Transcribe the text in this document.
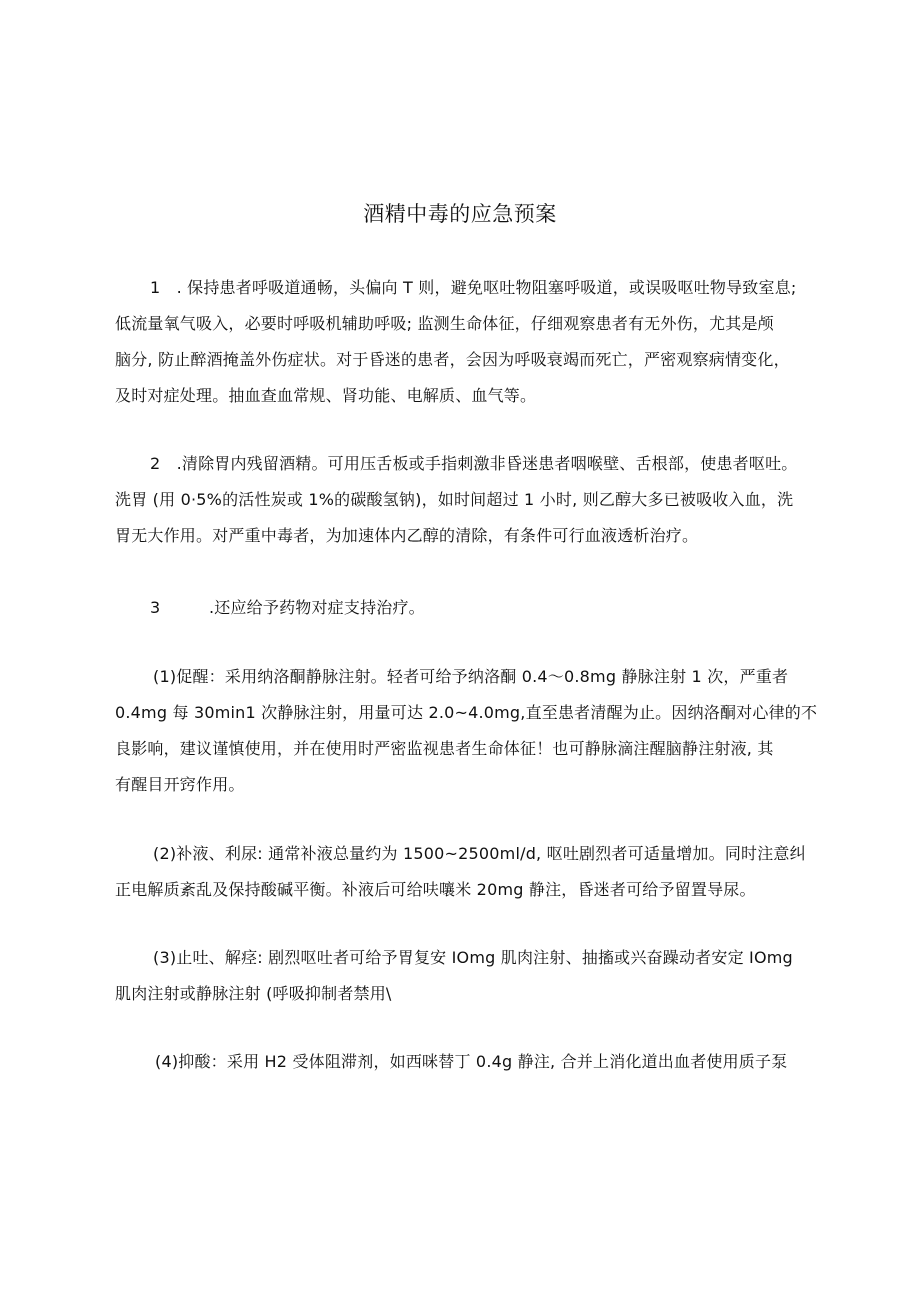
酒精中毒的应急预案
1　. 保持患者呼吸道通畅，头偏向 T 则，避免呕吐物阻塞呼吸道，或误吸呕吐物导致室息;
低流量氧气吸入，必要时呼吸机辅助呼吸; 监测生命体征，仔细观察患者有无外伤，尤其是颅
脑分, 防止醉酒掩盖外伤症状。对于昏迷的患者，会因为呼吸衰竭而死亡，严密观察病情变化，
及时对症处理。抽血查血常规、肾功能、电解质、血气等。
2　.清除胃内残留酒精。可用压舌板或手指刺激非昏迷患者咽喉壁、舌根部，使患者呕吐。
洗胃 (用 0·5%的活性炭或 1%的碳酸氢钠)，如时间超过 1 小时, 则乙醇大多已被吸收入血，洗
胃无大作用。对严重中毒者，为加速体内乙醇的清除，有条件可行血液透析治疗。
3　　　.还应给予药物对症支持治疗。
(1)促醒：采用纳洛酮静脉注射。轻者可给予纳洛酮 0.4～0.8mg 静脉注射 1 次，严重者
0.4mg 每 30min1 次静脉注射，用量可达 2.0~4.0mg,直至患者清醒为止。因纳洛酮对心律的不
良影响，建议谨慎使用，并在使用时严密监视患者生命体征！也可静脉滴注醒脑静注射液, 其
有醒目开窍作用。
(2)补液、利尿: 通常补液总量约为 1500~2500ml∕d, 呕吐剧烈者可适量增加。同时注意纠
正电解质紊乱及保持酸碱平衡。补液后可给呋嚷米 20mg 静注，昏迷者可给予留置导尿。
(3)止吐、解痉: 剧烈呕吐者可给予胃复安 IOmg 肌肉注射、抽搐或兴奋躁动者安定 IOmg
肌肉注射或静脉注射 (呼吸抑制者禁用\
(4)抑酸：采用 H2 受体阻滞剂，如西咪替丁 0.4g 静注, 合并上消化道出血者使用质子泵
